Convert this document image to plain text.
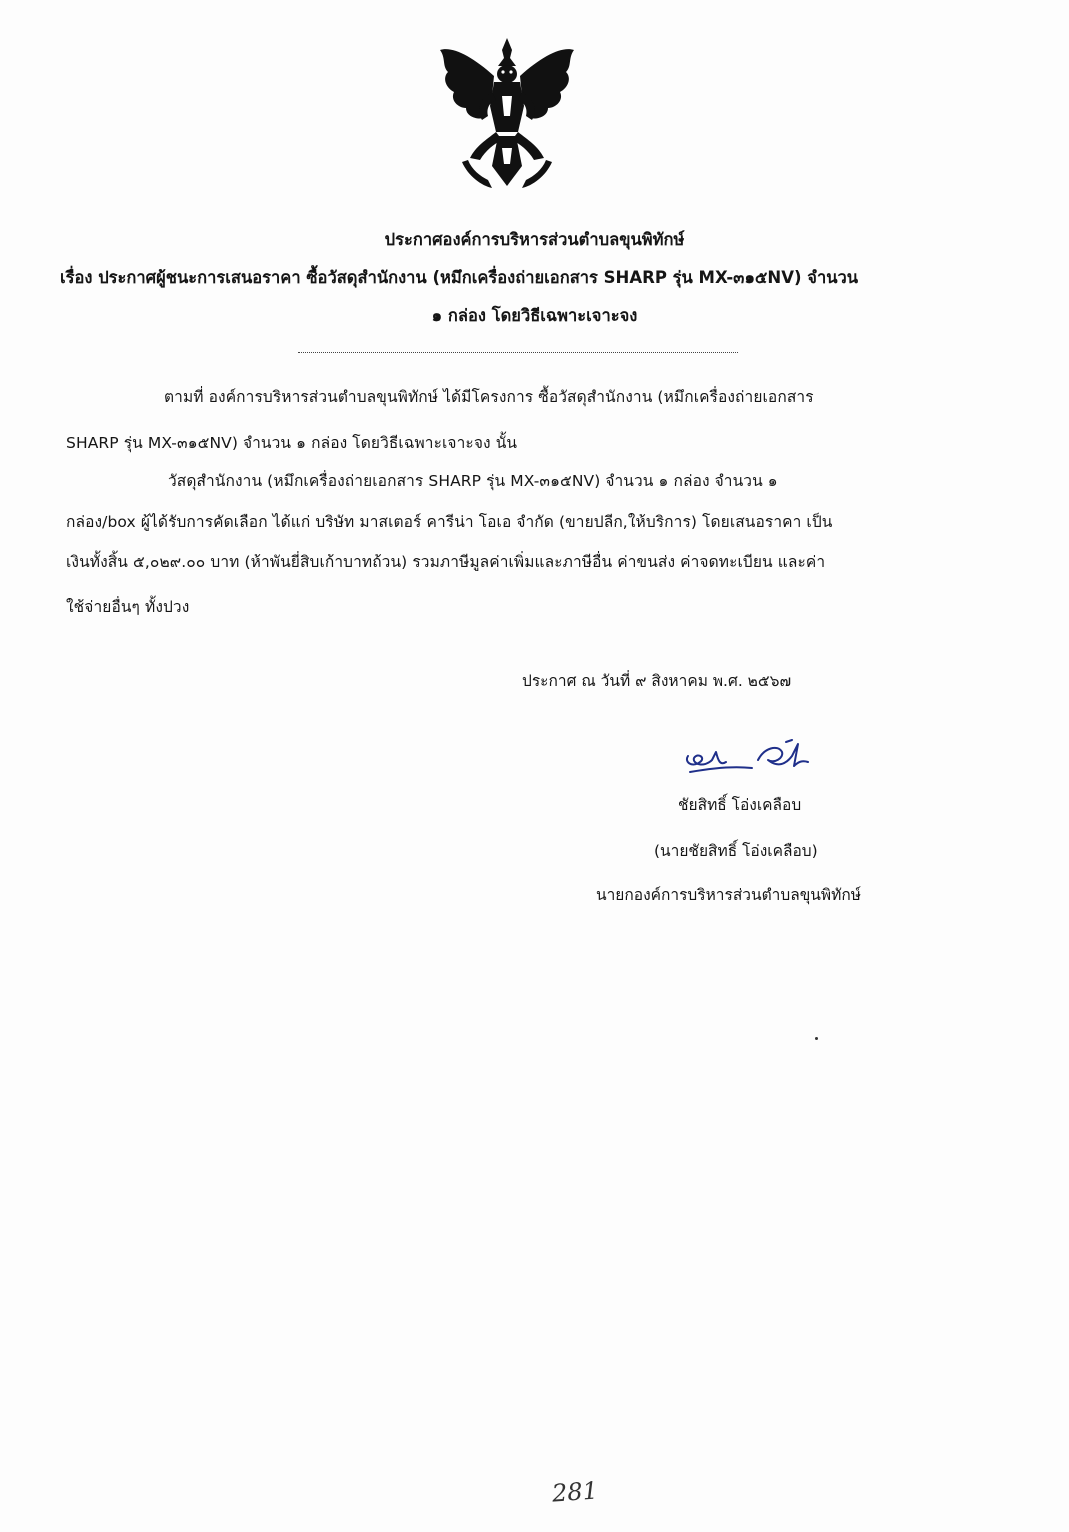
ประกาศองค์การบริหารส่วนตำบลขุนพิทักษ์
เรื่อง ประกาศผู้ชนะการเสนอราคา ซื้อวัสดุสำนักงาน (หมึกเครื่องถ่ายเอกสาร SHARP รุ่น MX-๓๑๕NV) จำนวน
๑ กล่อง โดยวิธีเฉพาะเจาะจง
ตามที่ องค์การบริหารส่วนตำบลขุนพิทักษ์ ได้มีโครงการ ซื้อวัสดุสำนักงาน (หมึกเครื่องถ่ายเอกสาร
SHARP รุ่น MX-๓๑๕NV) จำนวน ๑ กล่อง โดยวิธีเฉพาะเจาะจง นั้น
วัสดุสำนักงาน (หมึกเครื่องถ่ายเอกสาร SHARP รุ่น MX-๓๑๕NV) จำนวน ๑ กล่อง จำนวน ๑
กล่อง/box ผู้ได้รับการคัดเลือก ได้แก่ บริษัท มาสเตอร์ คารีน่า โอเอ จำกัด (ขายปลีก,ให้บริการ) โดยเสนอราคา เป็น
เงินทั้งสิ้น ๕,๐๒๙.๐๐ บาท (ห้าพันยี่สิบเก้าบาทถ้วน) รวมภาษีมูลค่าเพิ่มและภาษีอื่น ค่าขนส่ง ค่าจดทะเบียน และค่า
ใช้จ่ายอื่นๆ ทั้งปวง
ประกาศ ณ วันที่ ๙ สิงหาคม พ.ศ. ๒๕๖๗
ชัยสิทธิ์ โอ่งเคลือบ
(นายชัยสิทธิ์ โอ่งเคลือบ)
นายกองค์การบริหารส่วนตำบลขุนพิทักษ์
281
